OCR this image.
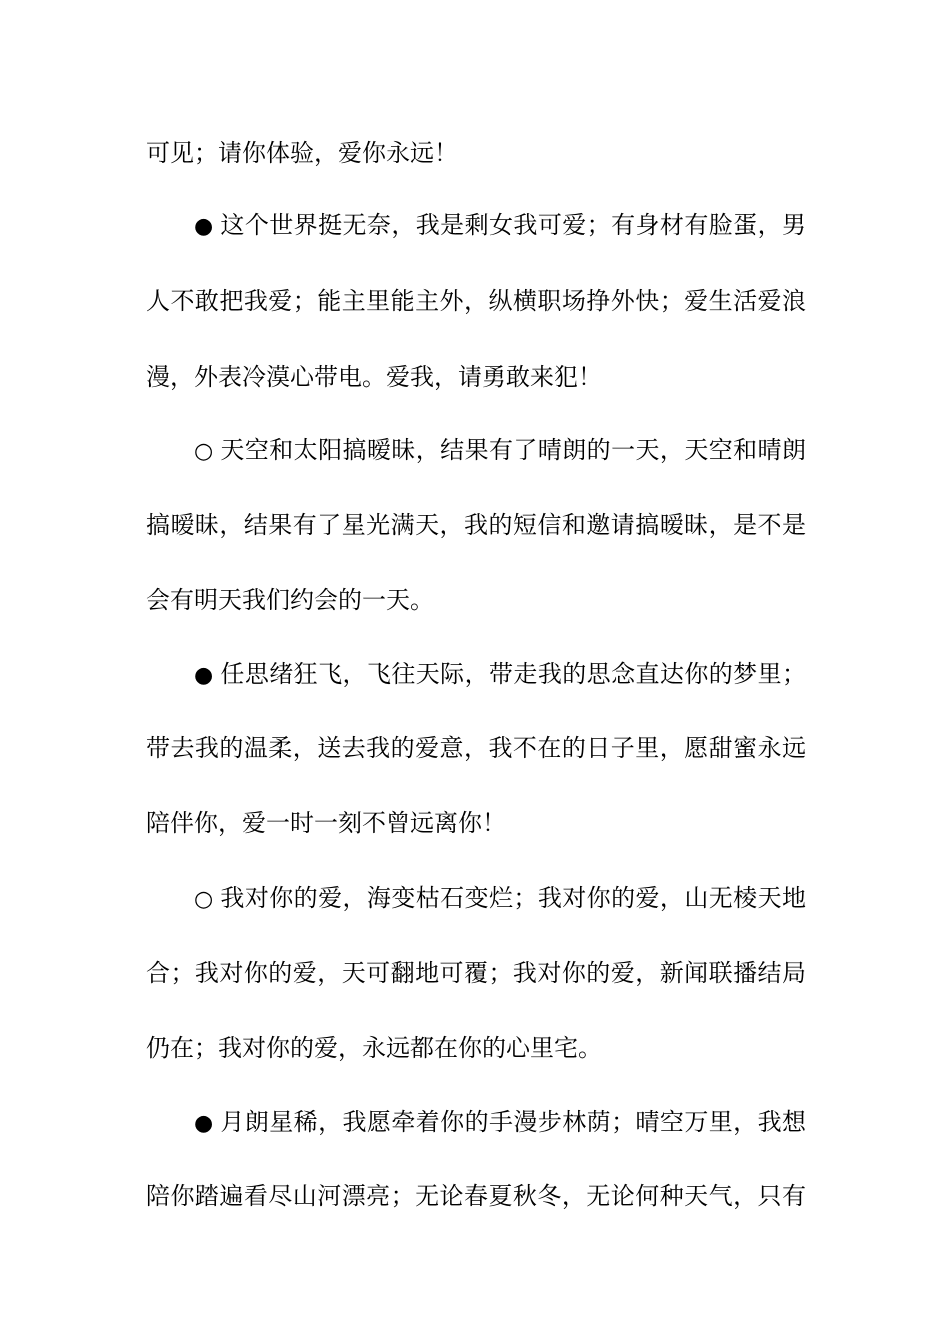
可见；请你体验，爱你永远！
● 这个世界挺无奈，我是剩女我可爱；有身材有脸蛋，男
人不敢把我爱；能主里能主外，纵横职场挣外快；爱生活爱浪
漫，外表冷漠心带电。爱我，请勇敢来犯！
○ 天空和太阳搞暧昧，结果有了晴朗的一天，天空和晴朗
搞暧昧，结果有了星光满天，我的短信和邀请搞暧昧，是不是
会有明天我们约会的一天。
● 任思绪狂飞，飞往天际，带走我的思念直达你的梦里；
带去我的温柔，送去我的爱意，我不在的日子里，愿甜蜜永远
陪伴你，爱一时一刻不曾远离你！
○ 我对你的爱，海变枯石变烂；我对你的爱，山无棱天地
合；我对你的爱，天可翻地可覆；我对你的爱，新闻联播结局
仍在；我对你的爱，永远都在你的心里宅。
● 月朗星稀，我愿牵着你的手漫步林荫；晴空万里，我想
陪你踏遍看尽山河漂亮；无论春夏秋冬，无论何种天气，只有
